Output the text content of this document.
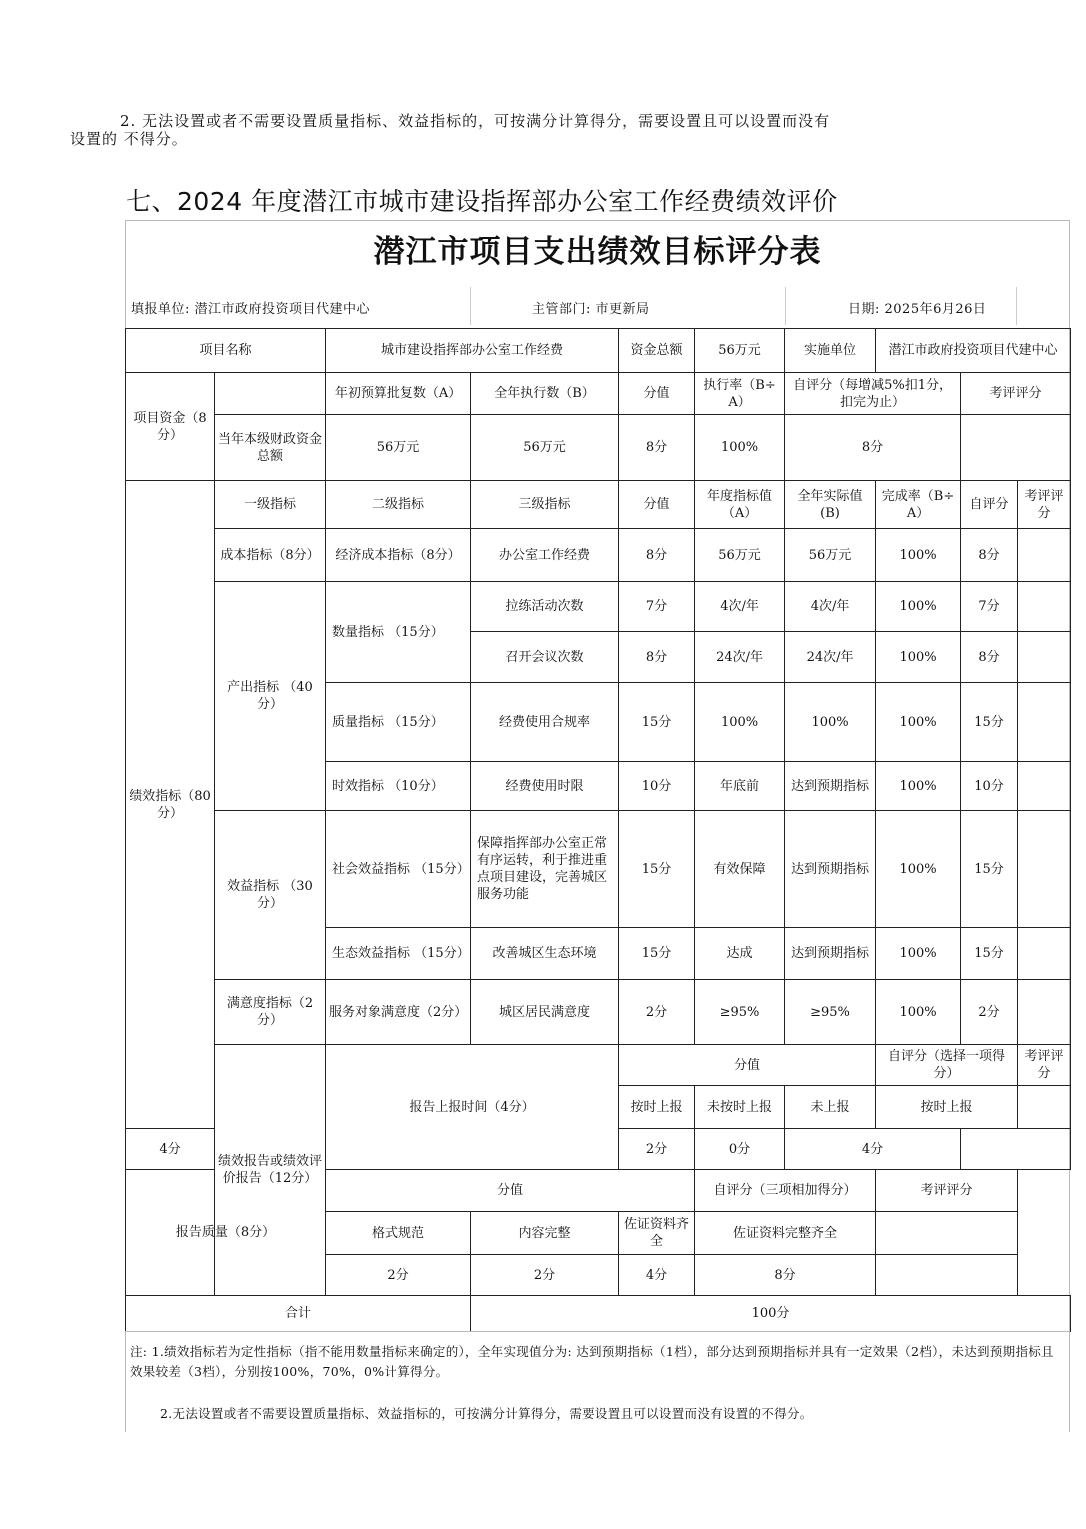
2. 无法设置或者不需要设置质量指标、效益指标的，可按满分计算得分，需要设置且可以设置而没有
设置的 不得分。
七、2024 年度潜江市城市建设指挥部办公室工作经费绩效评价
潜江市项目支出绩效目标评分表
填报单位: 潜江市政府投资项目代建中心	主管部门: 市更新局	日期: 2025年6月26日
项目名称		城市建设指挥部办公室工作经费		资金总额	56万元	实施单位	潜江市政府投资项目代建中心			
项目资金（8分）		年初预算批复数（A）	全年执行数（B）	分值	执行率（B÷A）	自评分（每增减5%扣1分，扣完为止）		考评评分		
	当年本级财政资金总额	56万元	56万元	8分	100%	8分				
绩效指标（80分）	一级指标	二级指标	三级指标	分值	年度指标值（A）	全年实际值(B)	完成率（B÷A）	自评分	考评评分	
	成本指标（8分）	经济成本指标（8分）	办公室工作经费	8分	56万元	56万元	100%	8分		
	产出指标 （40分）	数量指标 （15分）	拉练活动次数	7分	4次/年	4次/年	100%	7分		
			召开会议次数	8分	24次/年	24次/年	100%	8分		
		质量指标 （15分）	经费使用合规率	15分	100%	100%	100%	15分		
		时效指标 （10分）	经费使用时限	10分	年底前	达到预期指标	100%	10分		
	效益指标 （30分）	社会效益指标 （15分）	保障指挥部办公室正常有序运转，利于推进重点项目建设，完善城区服务功能	15分	有效保障	达到预期指标	100%	15分		
		生态效益指标 （15分）	改善城区生态环境	15分	达成	达到预期指标	100%	15分		
	满意度指标（2分）	服务对象满意度（2分）	城区居民满意度	2分	≥95%	≥95%	100%	2分		
	绩效报告或绩效评价报告（12分）	报告上报时间（4分）		分值			自评分（选择一项得分）		考评评分	
				按时上报	未按时上报	未上报	按时上报			
4分				2分	0分	4分				
报告质量（8分）		分值			自评分（三项相加得分）		考评评分			
		格式规范	内容完整	佐证资料齐全	佐证资料完整齐全					
		2分	2分	4分	8分					
合计			100分							

注: 1.绩效指标若为定性指标（指不能用数量指标来确定的），全年实现值分为: 达到预期指标（1档），部分达到预期指标并具有一定效果（2档），未达到预期指标且效果较差（3档），分别按100%，70%，0%计算得分。

2.无法设置或者不需要设置质量指标、效益指标的，可按满分计算得分，需要设置且可以设置而没有设置的不得分。
